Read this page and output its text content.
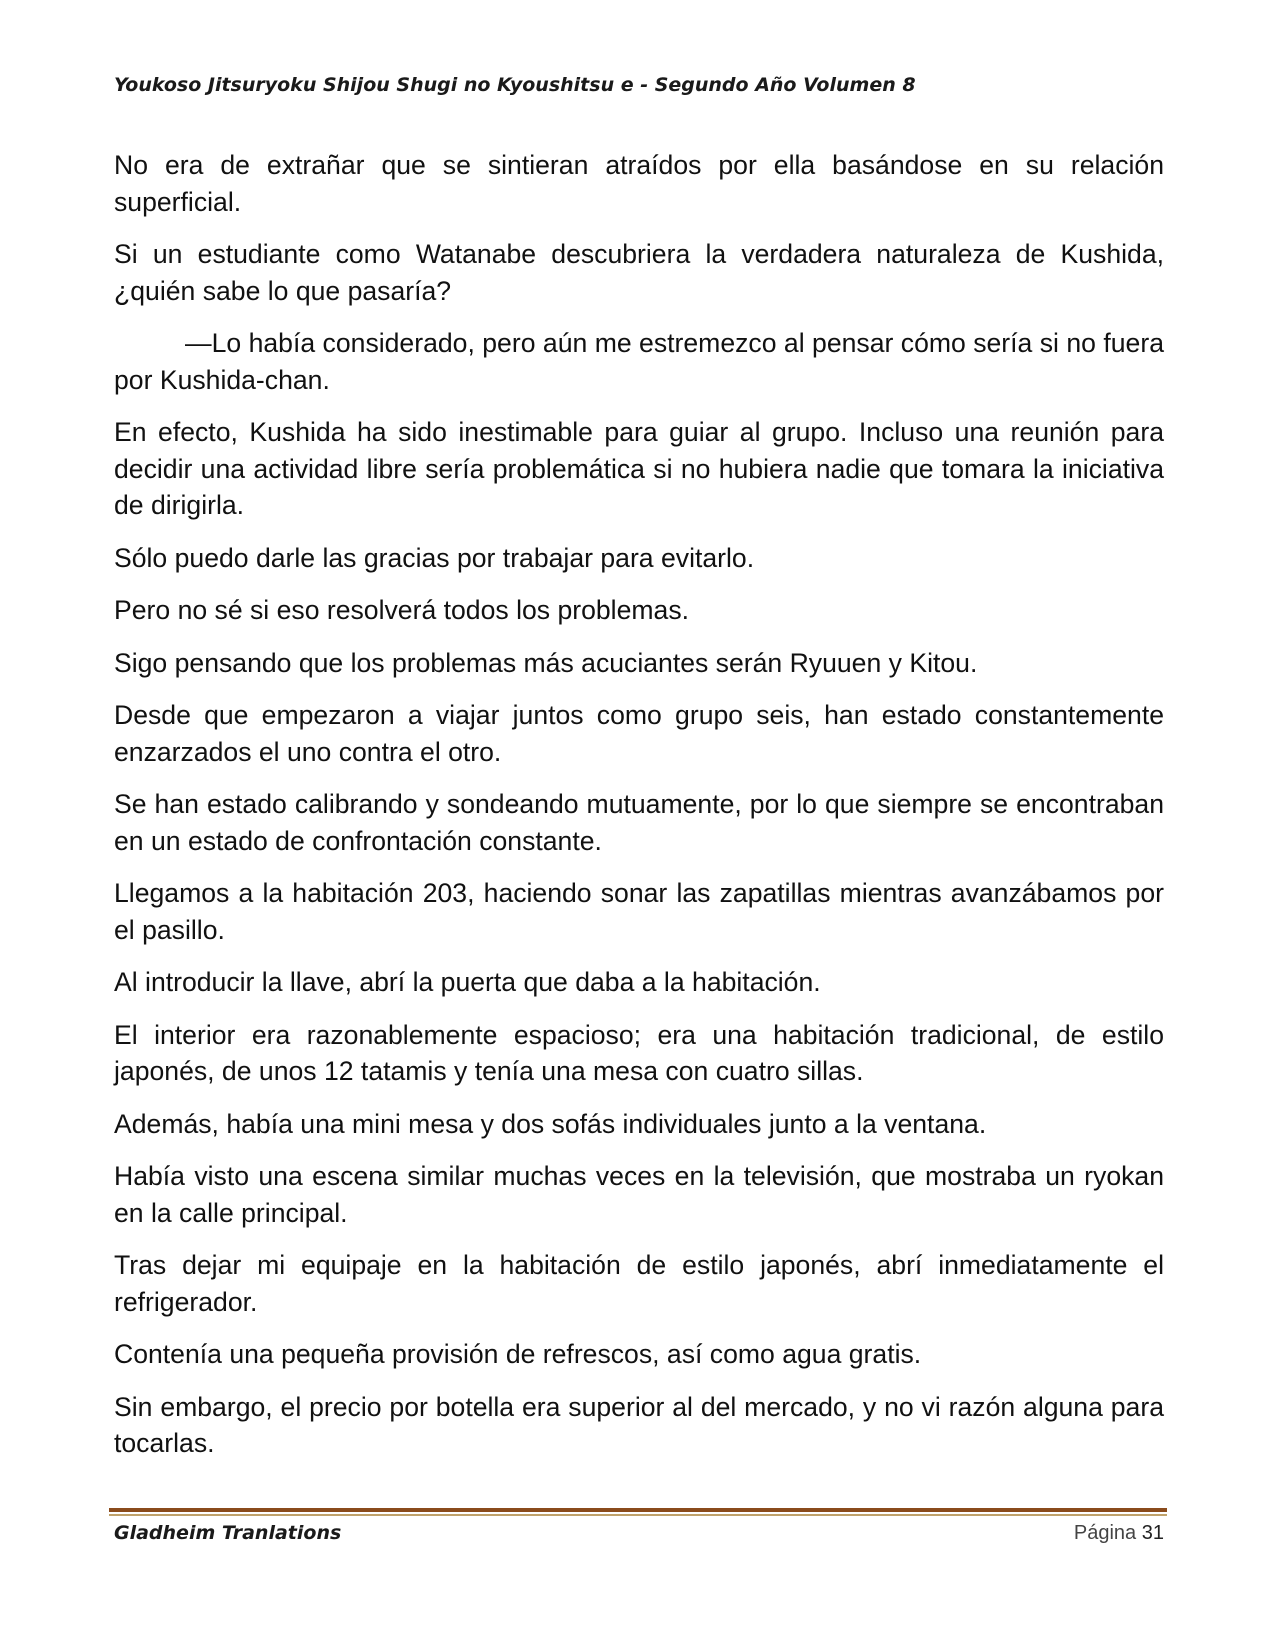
Youkoso Jitsuryoku Shijou Shugi no Kyoushitsu e - Segundo Año Volumen 8

No era de extrañar que se sintieran atraídos por ella basándose en su relación superficial.

Si un estudiante como Watanabe descubriera la verdadera naturaleza de Kushida, ¿quién sabe lo que pasaría?

—Lo había considerado, pero aún me estremezco al pensar cómo sería si no fuera por Kushida-chan.

En efecto, Kushida ha sido inestimable para guiar al grupo. Incluso una reunión para decidir una actividad libre sería problemática si no hubiera nadie que tomara la iniciativa de dirigirla.

Sólo puedo darle las gracias por trabajar para evitarlo.

Pero no sé si eso resolverá todos los problemas.

Sigo pensando que los problemas más acuciantes serán Ryuuen y Kitou.

Desde que empezaron a viajar juntos como grupo seis, han estado constantemente enzarzados el uno contra el otro.

Se han estado calibrando y sondeando mutuamente, por lo que siempre se encontraban en un estado de confrontación constante.

Llegamos a la habitación 203, haciendo sonar las zapatillas mientras avanzábamos por el pasillo.

Al introducir la llave, abrí la puerta que daba a la habitación.

El interior era razonablemente espacioso; era una habitación tradicional, de estilo japonés, de unos 12 tatamis y tenía una mesa con cuatro sillas.

Además, había una mini mesa y dos sofás individuales junto a la ventana.

Había visto una escena similar muchas veces en la televisión, que mostraba un ryokan en la calle principal.

Tras dejar mi equipaje en la habitación de estilo japonés, abrí inmediatamente el refrigerador.

Contenía una pequeña provisión de refrescos, así como agua gratis.

Sin embargo, el precio por botella era superior al del mercado, y no vi razón alguna para tocarlas.

Gladheim Tranlations	Página 31
